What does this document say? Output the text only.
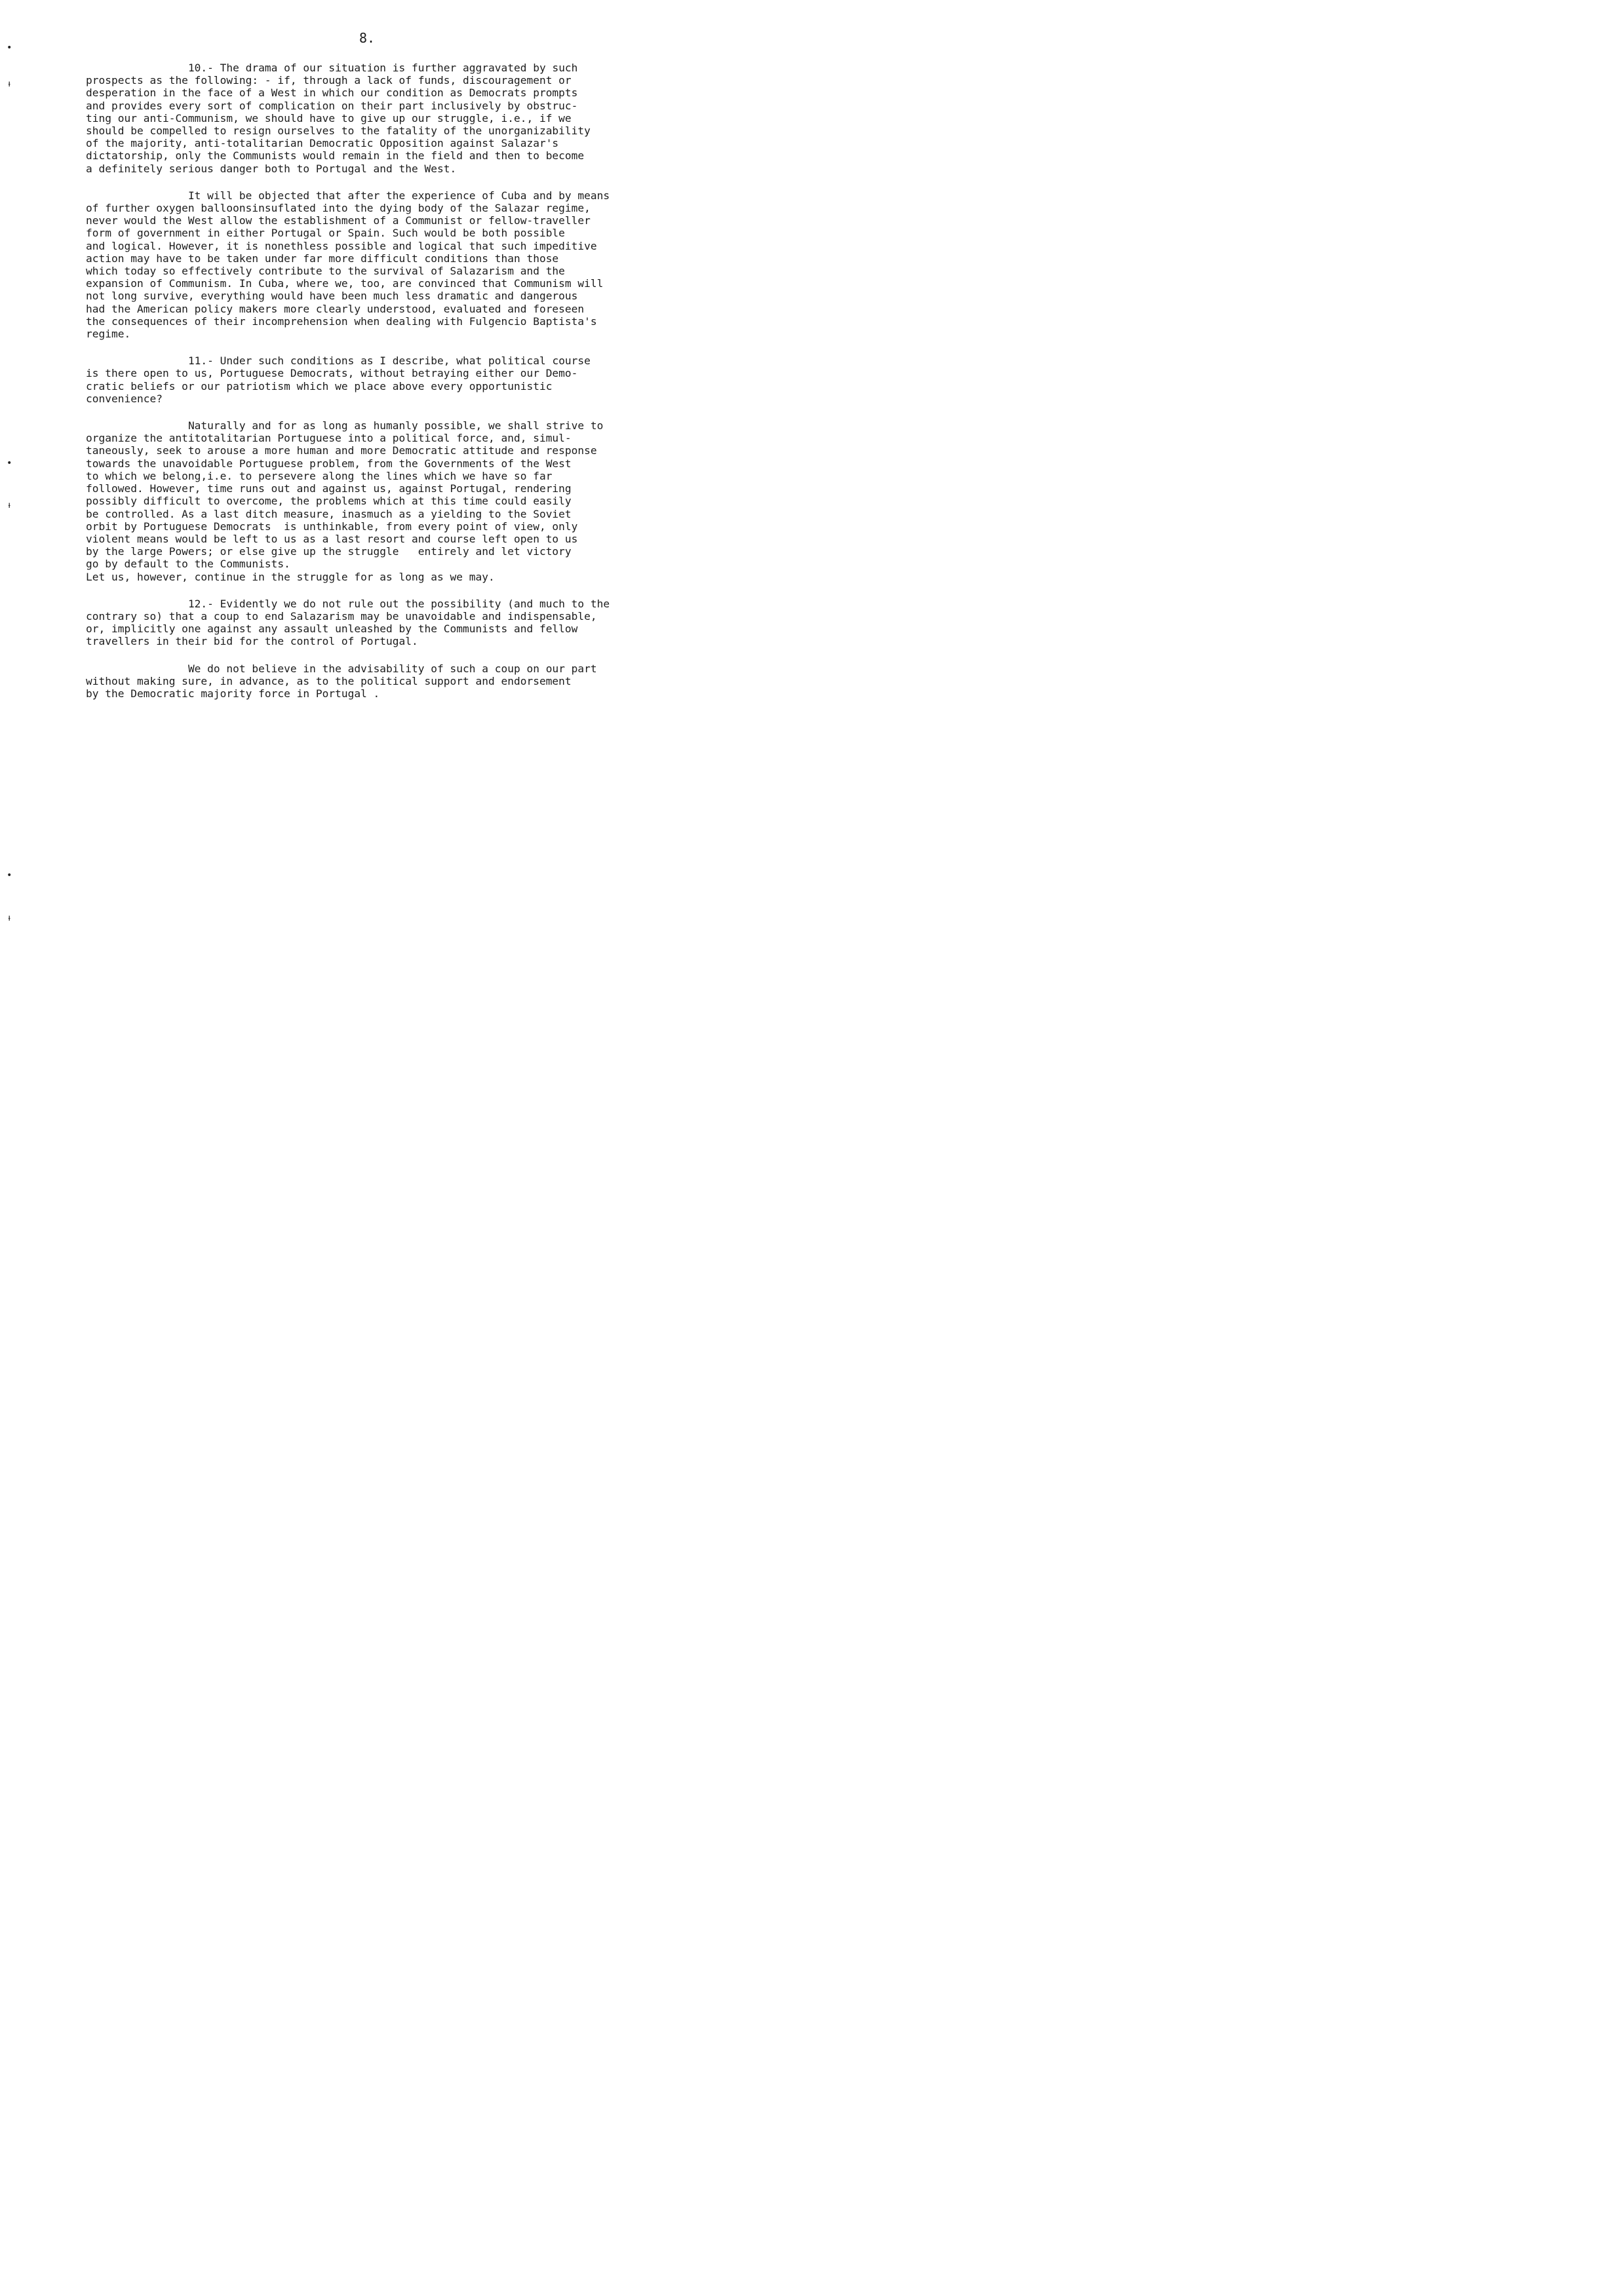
8.
•
ᵼ
•
ᵼ
•
ᵼ

10.- The drama of our situation is further aggravated by such
prospects as the following: - if, through a lack of funds, discouragement or
desperation in the face of a West in which our condition as Democrats prompts
and provides every sort of complication on their part inclusively by obstruc-
ting our anti-Communism, we should have to give up our struggle, i.e., if we
should be compelled to resign ourselves to the fatality of the unorganizability
of the majority, anti-totalitarian Democratic Opposition against Salazar's
dictatorship, only the Communists would remain in the field and then to become
a definitely serious danger both to Portugal and the West.

It will be objected that after the experience of Cuba and by means
of further oxygen balloonsinsuflated into the dying body of the Salazar regime,
never would the West allow the establishment of a Communist or fellow-traveller
form of government in either Portugal or Spain. Such would be both possible
and logical. However, it is nonethless possible and logical that such impeditive
action may have to be taken under far more difficult conditions than those
which today so effectively contribute to the survival of Salazarism and the
expansion of Communism. In Cuba, where we, too, are convinced that Communism will
not long survive, everything would have been much less dramatic and dangerous
had the American policy makers more clearly understood, evaluated and foreseen
the consequences of their incomprehension when dealing with Fulgencio Baptista's
regime.

11.- Under such conditions as I describe, what political course
is there open to us, Portuguese Democrats, without betraying either our Demo-
cratic beliefs or our patriotism which we place above every opportunistic
convenience?

Naturally and for as long as humanly possible, we shall strive to
organize the antitotalitarian Portuguese into a political force, and, simul-
taneously, seek to arouse a more human and more Democratic attitude and response
towards the unavoidable Portuguese problem, from the Governments of the West
to which we belong,i.e. to persevere along the lines which we have so far
followed. However, time runs out and against us, against Portugal, rendering
possibly difficult to overcome, the problems which at this time could easily
be controlled. As a last ditch measure, inasmuch as a yielding to the Soviet
orbit by Portuguese Democrats  is unthinkable, from every point of view, only
violent means would be left to us as a last resort and course left open to us
by the large Powers; or else give up the struggle   entirely and let victory
go by default to the Communists.

Let us, however, continue in the struggle for as long as we may.

12.- Evidently we do not rule out the possibility (and much to the
contrary so) that a coup to end Salazarism may be unavoidable and indispensable,
or, implicitly one against any assault unleashed by the Communists and fellow
travellers in their bid for the control of Portugal.

We do not believe in the advisability of such a coup on our part
without making sure, in advance, as to the political support and endorsement
by the Democratic majority force in Portugal .
